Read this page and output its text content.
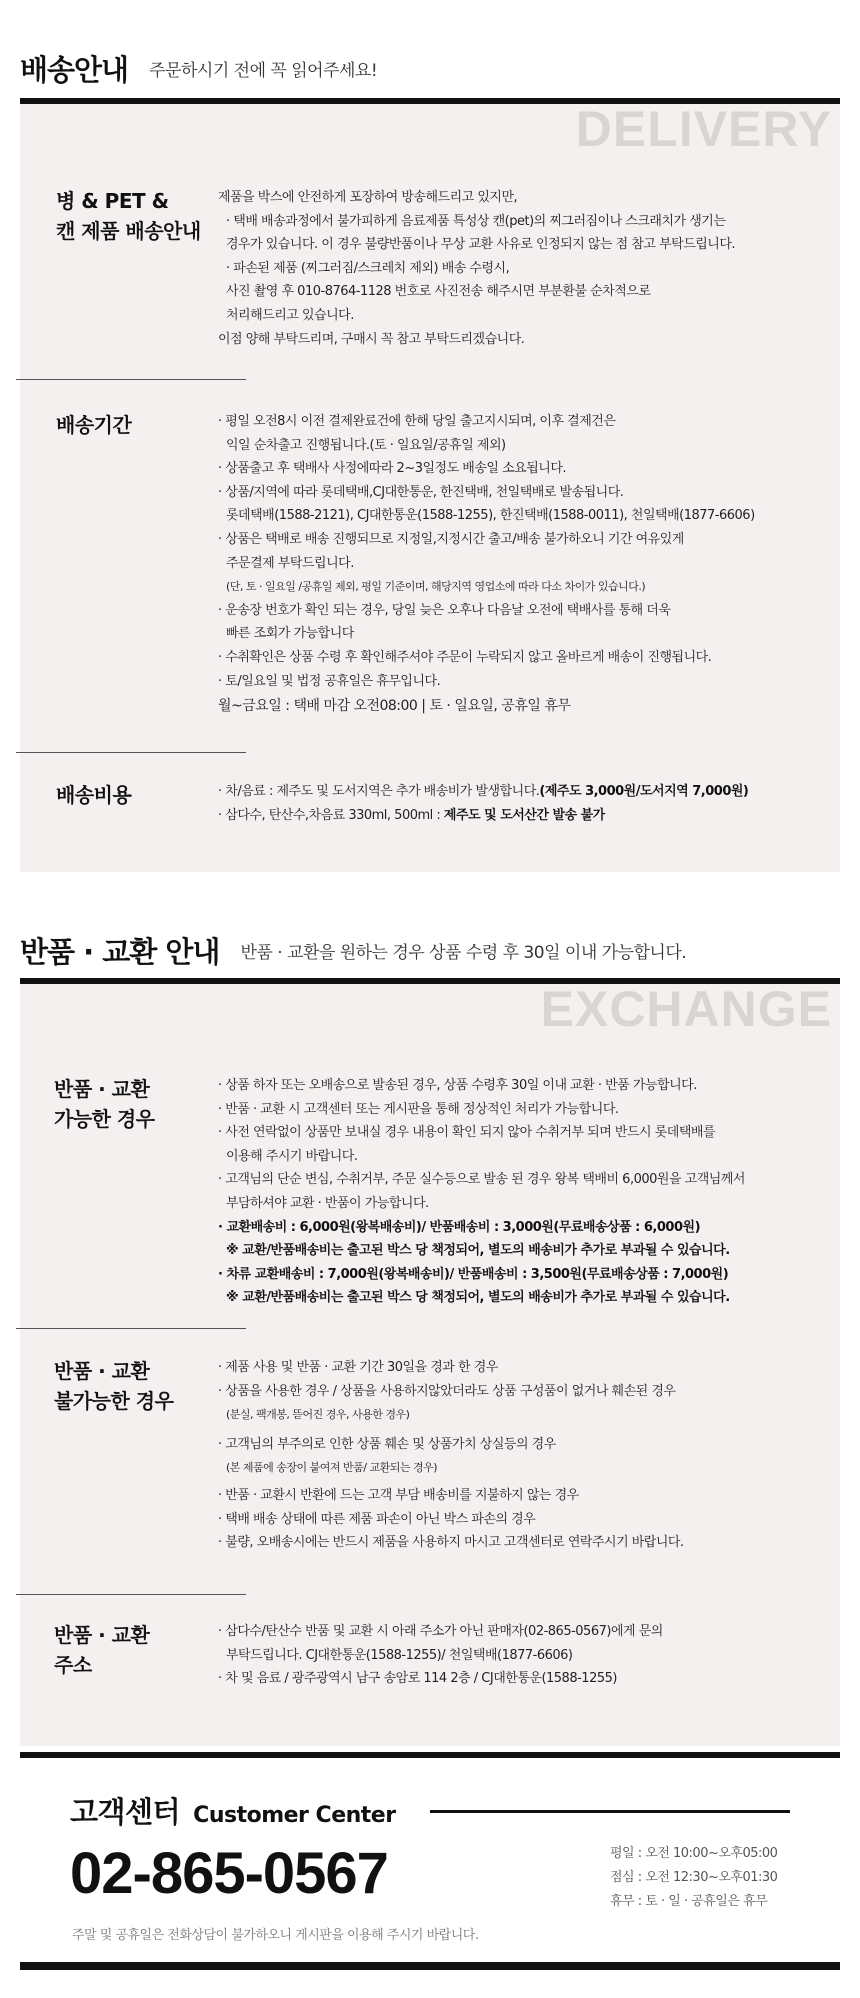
배송안내 주문하시기 전에 꼭 읽어주세요!
DELIVERY
병 & PET &
캔 제품 배송안내

제품을 박스에 안전하게 포장하여 방송해드리고 있지만,

· 택배 배송과정에서 불가피하게 음료제품 특성상 캔(pet)의 찌그러짐이나 스크래치가 생기는

경우가 있습니다. 이 경우 불량반품이나 무상 교환 사유로 인정되지 않는 점 참고 부탁드립니다.

· 파손된 제품 (찌그러짐/스크레치 제외) 배송 수령시,

사진 촬영 후 010-8764-1128 번호로 사진전송 해주시면 부분환불 순차적으로

처리해드리고 있습니다.

이점 양해 부탁드리며, 구매시 꼭 참고 부탁드리겠습니다.

배송기간	· 평일 오전8시 이전 결제완료건에 한해 당일 출고지시되며, 이후 결제건은

익일 순차출고 진행됩니다.(토 · 일요일/공휴일 제외)

· 상품출고 후 택배사 사정에따라 2~3일정도 배송일 소요됩니다.

· 상품/지역에 따라 롯데택배,CJ대한통운, 한진택배, 천일택배로 발송됩니다.

롯데택배(1588-2121), CJ대한통운(1588-1255), 한진택배(1588-0011), 천일택배(1877-6606)

· 상품은 택배로 배송 진행되므로 지정일,지정시간 출고/배송 불가하오니 기간 여유있게

주문결제 부탁드립니다.

(단, 토 · 일요일 /공휴일 제외, 평일 기준이며, 해당지역 영업소에 따라 다소 차이가 있습니다.)

· 운송장 번호가 확인 되는 경우, 당일 늦은 오후나 다음날 오전에 택배사를 통해 더욱

빠른 조회가 가능합니다

· 수취확인은 상품 수령 후 확인해주셔야 주문이 누락되지 않고 올바르게 배송이 진행됩니다.

· 토/일요일 및 법정 공휴일은 휴무입니다.

월~금요일 : 택배 마감 오전08:00 | 토 · 일요일, 공휴일 휴무

배송비용	· 차/음료 : 제주도 및 도서지역은 추가 배송비가 발생합니다.(제주도 3,000원/도서지역 7,000원)

· 삼다수, 탄산수,차음료 330ml, 500ml : 제주도 및 도서산간 발송 불가

반품 · 교환 안내 반품 · 교환을 원하는 경우 상품 수령 후 30일 이내 가능합니다.
EXCHANGE
반품 · 교환
가능한 경우

· 상품 하자 또는 오배송으로 발송된 경우, 상품 수령후 30일 이내 교환 · 반품 가능합니다.

· 반품 · 교환 시 고객센터 또는 게시판을 통해 정상적인 처리가 가능합니다.

· 사전 연락없이 상품만 보내실 경우 내용이 확인 되지 않아 수취거부 되며 반드시 롯데택배를

이용해 주시기 바랍니다.

· 고객님의 단순 변심, 수취거부, 주문 실수등으로 발송 된 경우 왕복 택배비 6,000원을 고객님께서

부담하셔야 교환 · 반품이 가능합니다.

· 교환배송비 : 6,000원(왕복배송비)/ 반품배송비 : 3,000원(무료배송상품 : 6,000원)

※ 교환/반품배송비는 출고된 박스 당 책정되어, 별도의 배송비가 추가로 부과될 수 있습니다.

· 차류 교환배송비 : 7,000원(왕복배송비)/ 반품배송비 : 3,500원(무료배송상품 : 7,000원)

※ 교환/반품배송비는 출고된 박스 당 책정되어, 별도의 배송비가 추가로 부과될 수 있습니다.

반품 · 교환
불가능한 경우

· 제품 사용 및 반품 · 교환 기간 30일을 경과 한 경우

· 상품을 사용한 경우 / 상품을 사용하지않았더라도 상품 구성품이 없거나 훼손된 경우

(분실, 팩개봉, 뜯어진 경우, 사용한 경우)

· 고객님의 부주의로 인한 상품 훼손 및 상품가치 상실등의 경우

(본 제품에 송장이 붙여져 반품/ 교환되는 경우)

· 반품 · 교환시 반환에 드는 고객 부담 배송비를 지불하지 않는 경우

· 택배 배송 상태에 따른 제품 파손이 아닌 박스 파손의 경우

· 불량, 오배송시에는 반드시 제품을 사용하지 마시고 고객센터로 연락주시기 바랍니다.

반품 · 교환
주소

· 삼다수/탄산수 반품 및 교환 시 아래 주소가 아닌 판매자(02-865-0567)에게 문의

부탁드립니다. CJ대한통운(1588-1255)/ 천일택배(1877-6606)

· 차 및 음료 / 광주광역시 남구 송암로 114 2층 / CJ대한통운(1588-1255)

고객센터 Customer Center
02-865-0567	평일 : 오전 10:00~오후05:00

점심 : 오전 12:30~오후01:30

휴무 : 토 · 일 · 공휴일은 휴무

주말 및 공휴일은 전화상담이 불가하오니 게시판을 이용해 주시기 바랍니다.
